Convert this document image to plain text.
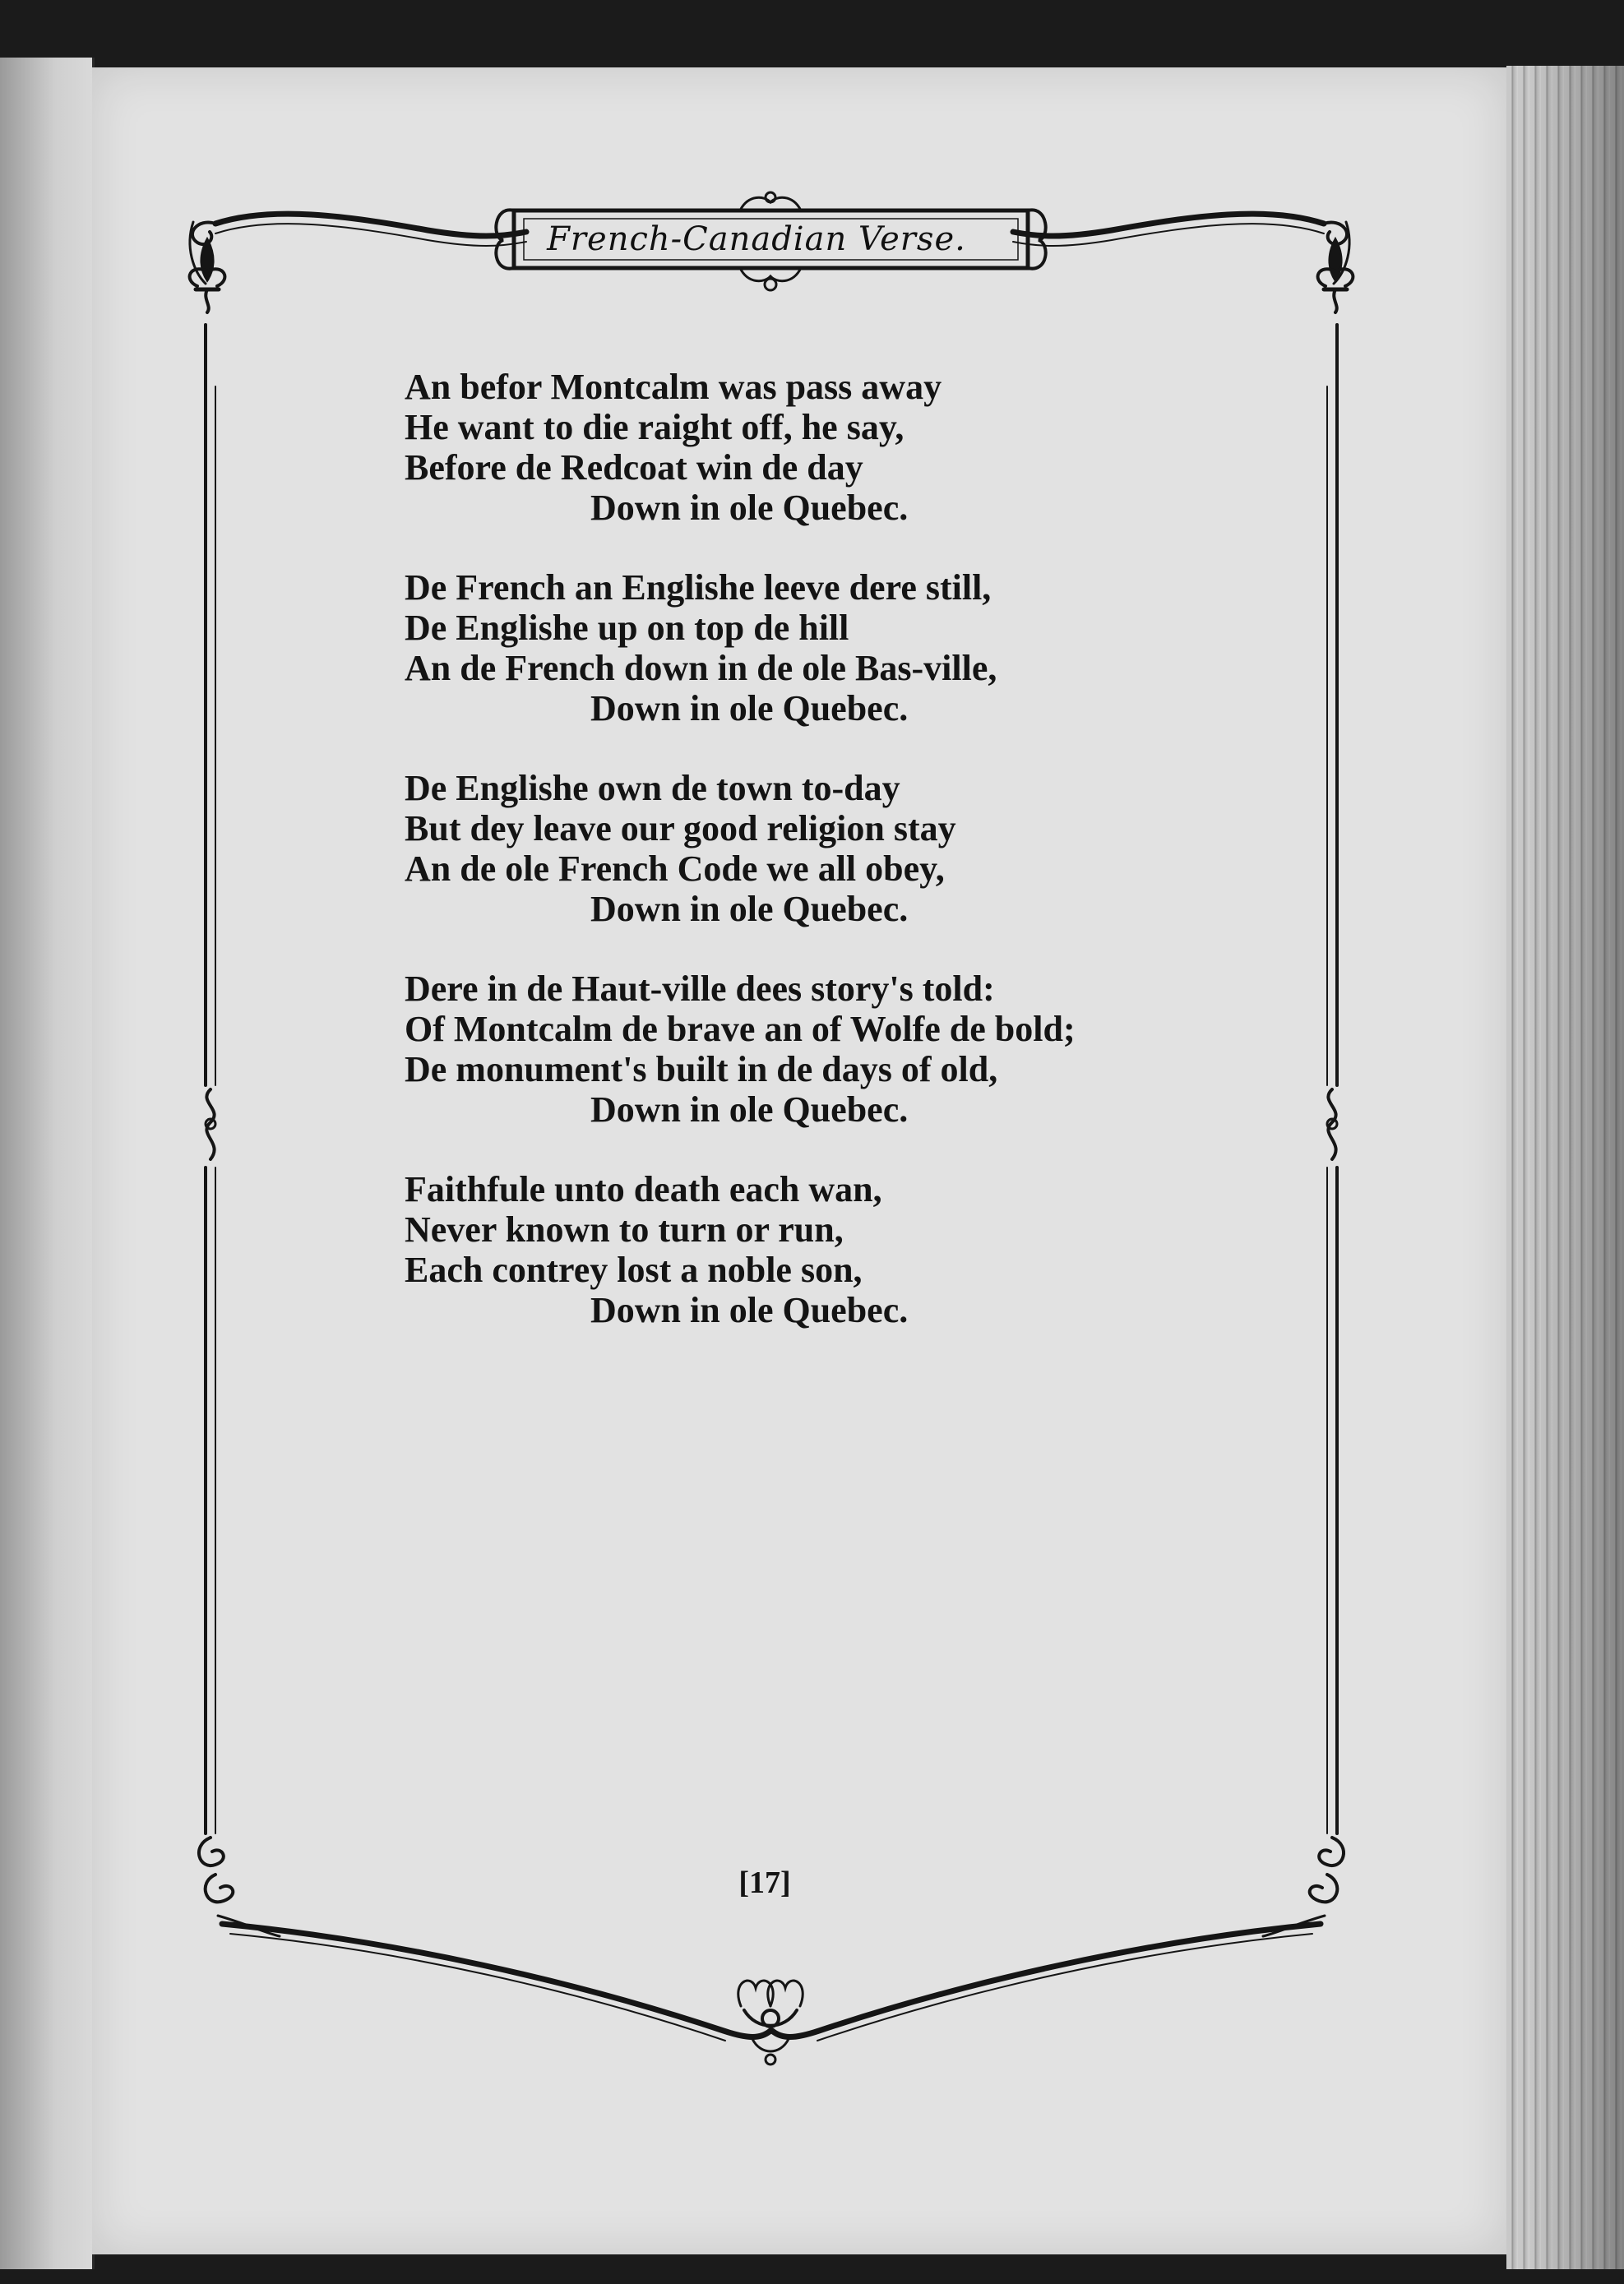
French-Canadian Verse.
An befor Montcalm was pass away
He want to die raight off, he say,
Before de Redcoat win de day
Down in ole Quebec.
De French an Englishe leeve dere still,
De Englishe up on top de hill
An de French down in de ole Bas-ville,
Down in ole Quebec.
De Englishe own de town to-day
But dey leave our good religion stay
An de ole French Code we all obey,
Down in ole Quebec.
Dere in de Haut-ville dees story's told:
Of Montcalm de brave an of Wolfe de bold;
De monument's built in de days of old,
Down in ole Quebec.
Faithfule unto death each wan,
Never known to turn or run,
Each contrey lost a noble son,
Down in ole Quebec.
[17]
